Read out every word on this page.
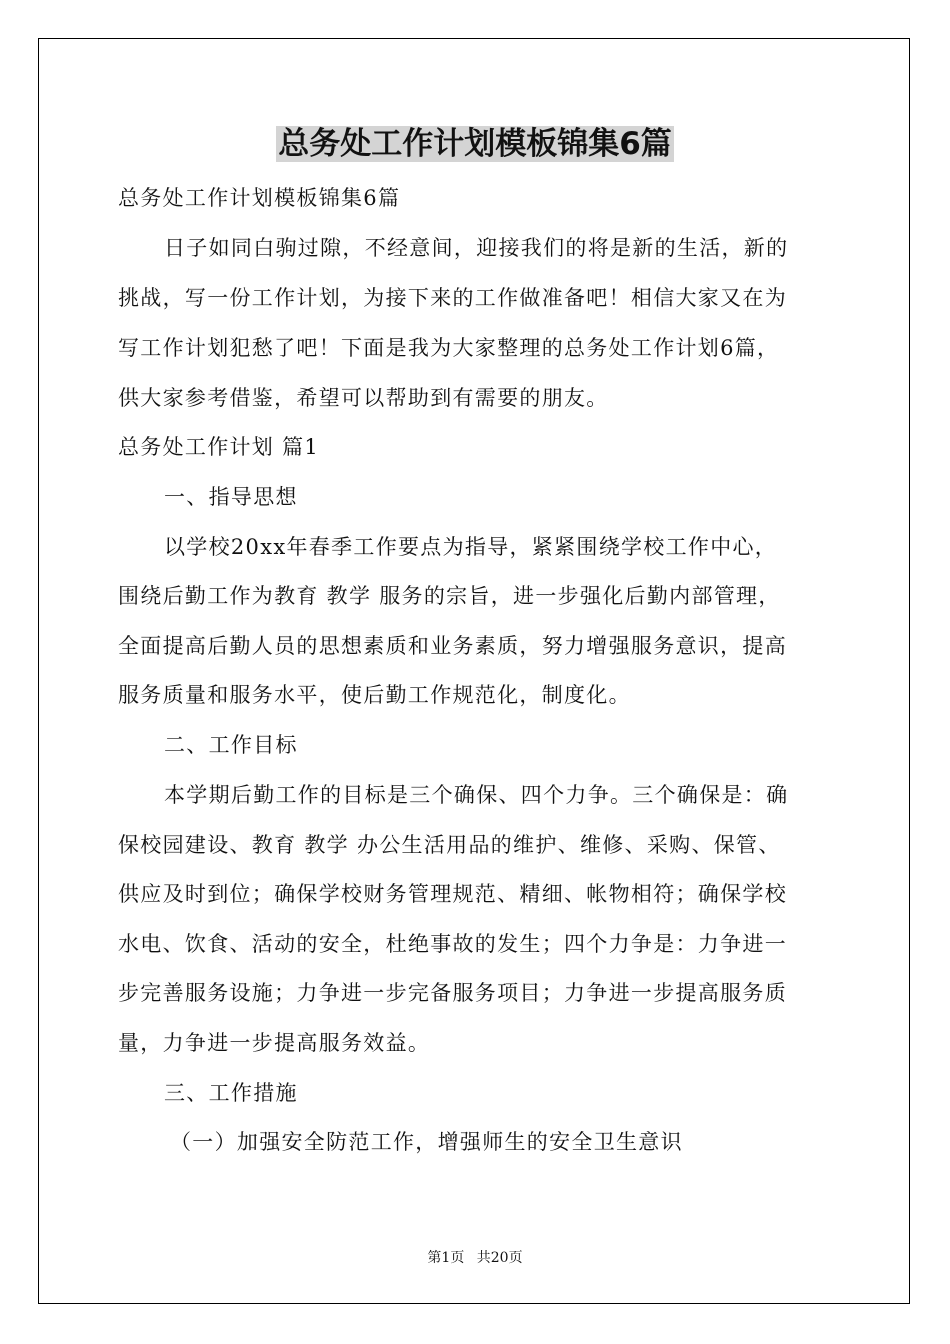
总务处工作计划模板锦集6篇
总务处工作计划模板锦集6篇
日子如同白驹过隙，不经意间，迎接我们的将是新的生活，新的
挑战，写一份工作计划，为接下来的工作做准备吧！相信大家又在为
写工作计划犯愁了吧！下面是我为大家整理的总务处工作计划6篇，
供大家参考借鉴，希望可以帮助到有需要的朋友。
总务处工作计划 篇1
一、指导思想
以学校20xx年春季工作要点为指导，紧紧围绕学校工作中心，
围绕后勤工作为教育 教学 服务的宗旨，进一步强化后勤内部管理，
全面提高后勤人员的思想素质和业务素质，努力增强服务意识，提高
服务质量和服务水平，使后勤工作规范化，制度化。
二、工作目标
本学期后勤工作的目标是三个确保、四个力争。三个确保是：确
保校园建设、教育 教学 办公生活用品的维护、维修、采购、保管、
供应及时到位；确保学校财务管理规范、精细、帐物相符；确保学校
水电、饮食、活动的安全，杜绝事故的发生；四个力争是：力争进一
步完善服务设施；力争进一步完备服务项目；力争进一步提高服务质
量，力争进一步提高服务效益。
三、工作措施
（一）加强安全防范工作，增强师生的安全卫生意识
第1页 共20页
